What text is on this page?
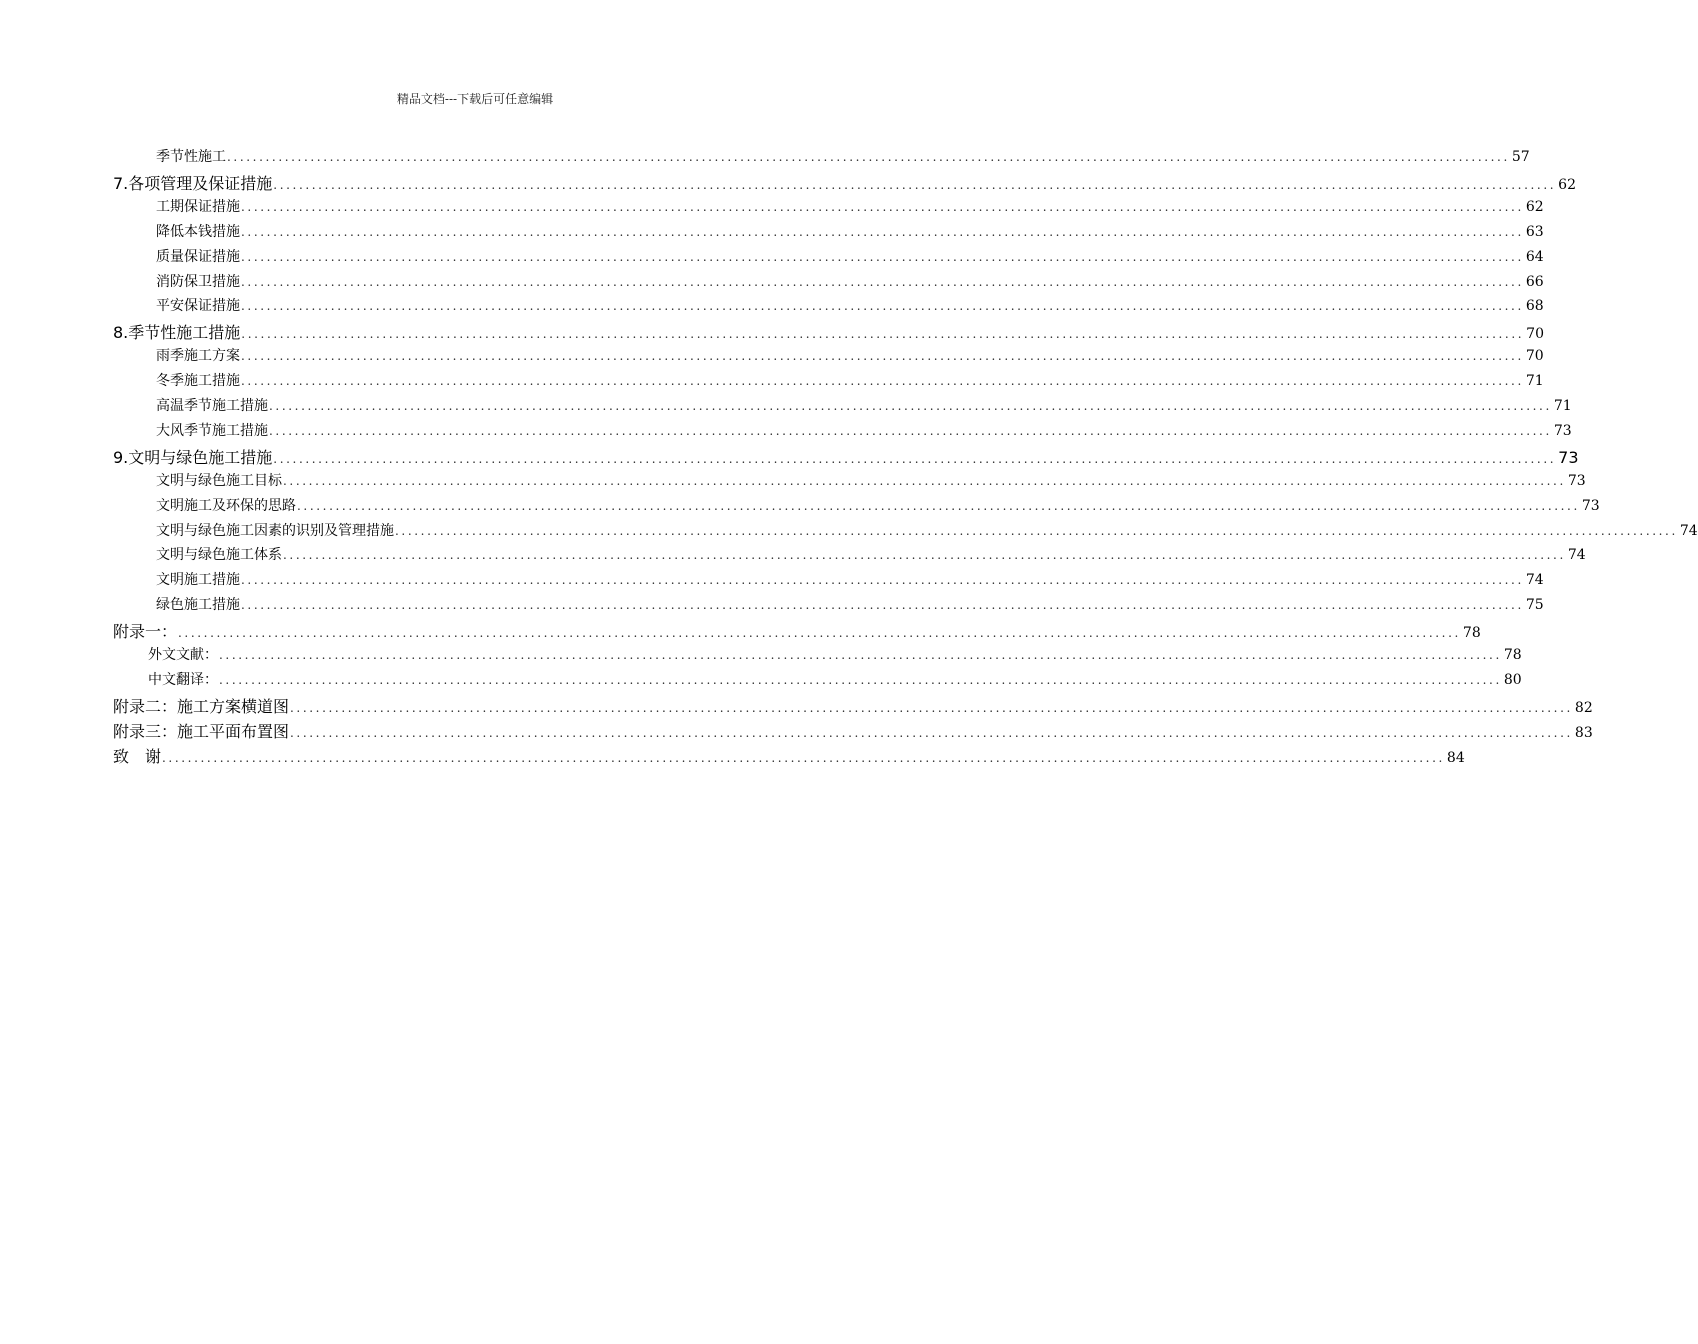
精品文档---下载后可任意编辑
季节性施工 ........................................................................................................................................................................................................ 57
7. 各项管理及保证措施 ........................................................................................................................................................................................................ 62
工期保证措施 ........................................................................................................................................................................................................ 62
降低本钱措施 ........................................................................................................................................................................................................ 63
质量保证措施 ........................................................................................................................................................................................................ 64
消防保卫措施 ........................................................................................................................................................................................................ 66
平安保证措施 ........................................................................................................................................................................................................ 68
8. 季节性施工措施 ........................................................................................................................................................................................................ 70
雨季施工方案 ........................................................................................................................................................................................................ 70
冬季施工措施 ........................................................................................................................................................................................................ 71
高温季节施工措施 ........................................................................................................................................................................................................ 71
大风季节施工措施 ........................................................................................................................................................................................................ 73
9. 文明与绿色施工措施 ........................................................................................................................................................................................................ 73
文明与绿色施工目标 ........................................................................................................................................................................................................ 73
文明施工及环保的思路 ........................................................................................................................................................................................................ 73
文明与绿色施工因素的识别及管理措施 ........................................................................................................................................................................................................ 74
文明与绿色施工体系 ........................................................................................................................................................................................................ 74
文明施工措施 ........................................................................................................................................................................................................ 74
绿色施工措施 ........................................................................................................................................................................................................ 75
附录一： ........................................................................................................................................................................................................ 78
外文文献： ........................................................................................................................................................................................................ 78
中文翻译： ........................................................................................................................................................................................................ 80
附录二：施工方案横道图 ........................................................................................................................................................................................................ 82
附录三：施工平面布置图 ........................................................................................................................................................................................................ 83
致　谢 ........................................................................................................................................................................................................ 84
